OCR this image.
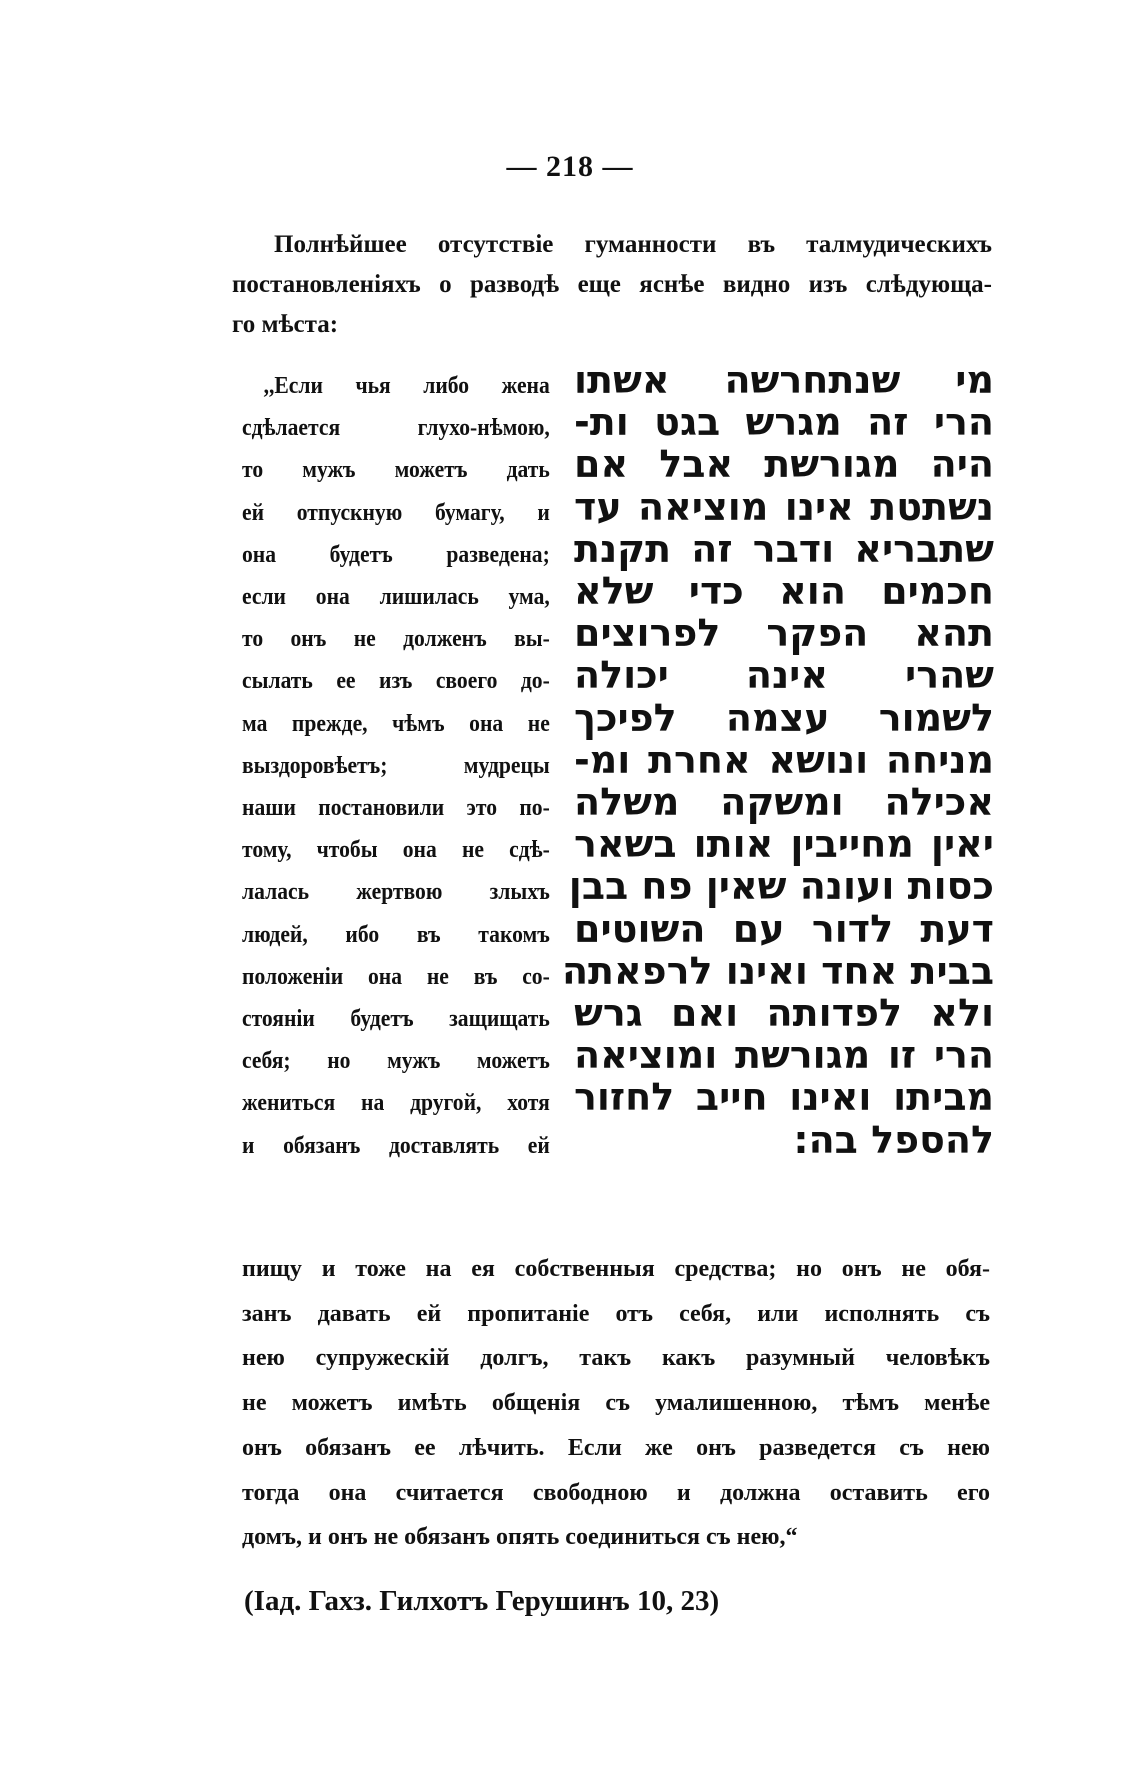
— 218 —
Полнѣйшее отсутствіе гуманности въ талмудическихъ
постановленіяхъ о разводѣ еще яснѣе видно изъ слѣдующа-
го мѣста:
,,Если чья либо жена
сдѣлается глухо-нѣмою,
то мужъ можетъ дать
ей отпускную бумагу, и
она будетъ разведена;
если она лишилась ума,
то онъ не долженъ вы-
сылать ее изъ своего до-
ма прежде, чѣмъ она не
выздоровѣетъ; мудрецы
наши постановили это по-
тому, чтобы она не сдѣ-
лалась жертвою злыхъ
людей, ибо въ такомъ
положеніи она не въ со-
стояніи будетъ защищать
себя; но мужъ можетъ
жениться на другой, хотя
и обязанъ доставлять ей
מי שנתחרשה אשתו
הרי זה מגרש בגט ות-
היה מגורשת אבל אם
נשתטת אינו מוציאה עד
שתבריא ודבר זה תקנת
חכמים הוא כדי שלא
תהא הפקר לפרוצים
שהרי אינה יכולה
לשמור עצמה לפיכך
מניחה ונושא אחרת ומ-
אכילה ומשקה משלה
יאין מחייבין אותו בשאר
כסות ועונה שאין פח בבן
דעת לדור עם השוטים
בבית אחד ואינו לרפאתה
ולא לפדותה ואם גרש
הרי זו מגורשת ומוציאה
מביתו ואינו חייב לחזור
להספל בה:
пищу и тоже на ея собственныя средства; но онъ не обя-
занъ давать ей пропитаніе отъ себя, или исполнять съ
нею супружескій долгъ, такъ какъ разумный человѣкъ
не можетъ имѣть общенія съ умалишенною, тѣмъ менѣе
онъ обязанъ ее лѣчить. Если же онъ разведется съ нею
тогда она считается свободною и должна оставить его
домъ, и онъ не обязанъ опять соединиться съ нею,“
(Іад. Гахз. Гилхотъ Герушинъ 10, 23)
